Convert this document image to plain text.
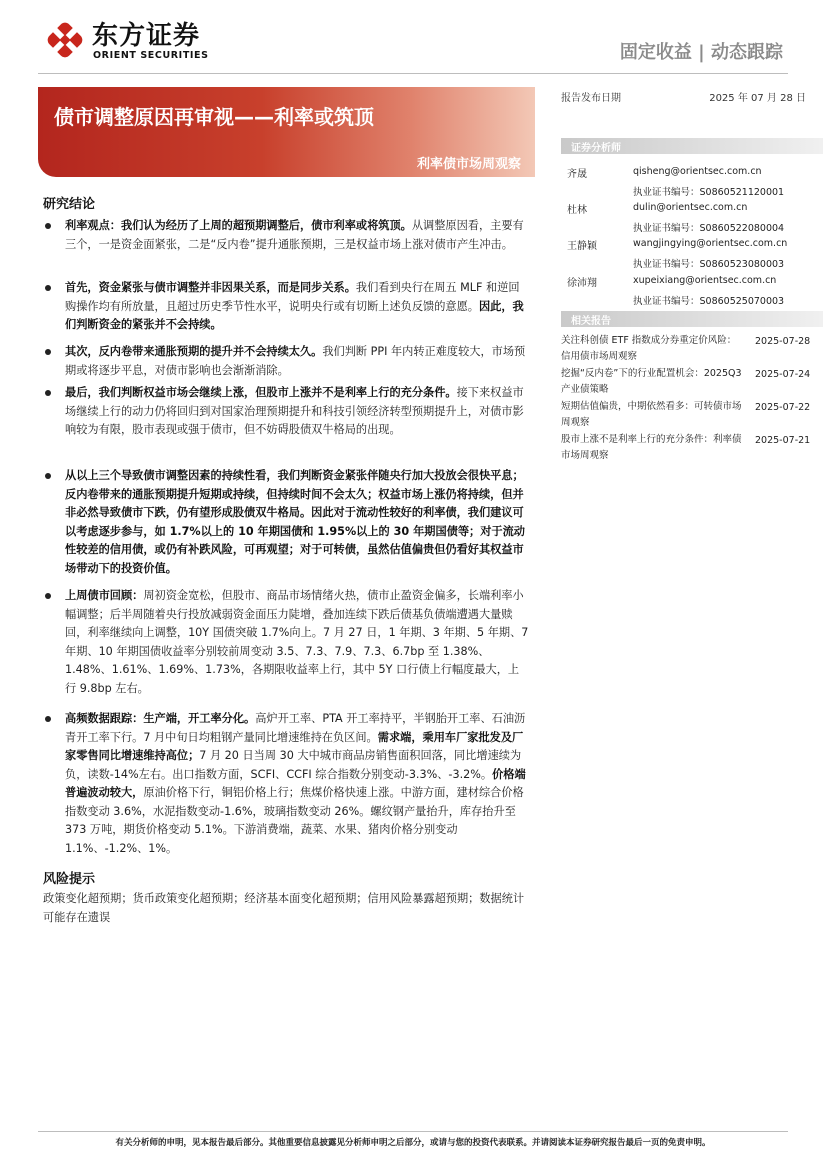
东方证券
ORIENT SECURITIES	固定收益 | 动态跟踪
债市调整原因再审视——利率或筑顶
利率债市场周观察
报告发布日期	2025 年 07 月 28 日
证券分析师
齐晟	qisheng@orientsec.com.cn
执业证书编号：S0860521120001
杜林	dulin@orientsec.com.cn
执业证书编号：S0860522080004
王静颖	wangjingying@orientsec.com.cn
执业证书编号：S0860523080003
徐沛翔	xupeixiang@orientsec.com.cn
执业证书编号：S0860525070003
相关报告
关注科创债 ETF 指数成分券重定价风险：信用债市场周观察
2025-07-28
挖掘“反内卷”下的行业配置机会：2025Q3 产业债策略
2025-07-24
短期估值偏贵，中期依然看多：可转债市场周观察
2025-07-22
股市上涨不是利率上行的充分条件：利率债市场周观察
2025-07-21
研究结论
利率观点：我们认为经历了上周的超预期调整后，债市利率或将筑顶。从调整原因看，主要有三个，一是资金面紧张，二是“反内卷”提升通胀预期，三是权益市场上涨对债市产生冲击。
首先，资金紧张与债市调整并非因果关系，而是同步关系。我们看到央行在周五 MLF 和逆回购操作均有所放量，且超过历史季节性水平，说明央行或有切断上述负反馈的意愿。因此，我们判断资金的紧张并不会持续。
其次，反内卷带来通胀预期的提升并不会持续太久。我们判断 PPI 年内转正难度较大，市场预期或将逐步平息，对债市影响也会渐渐消除。
最后，我们判断权益市场会继续上涨，但股市上涨并不是利率上行的充分条件。接下来权益市场继续上行的动力仍将回归到对国家治理预期提升和科技引领经济转型预期提升上，对债市影响较为有限，股市表现或强于债市，但不妨碍股债双牛格局的出现。
从以上三个导致债市调整因素的持续性看，我们判断资金紧张伴随央行加大投放会很快平息；反内卷带来的通胀预期提升短期或持续，但持续时间不会太久；权益市场上涨仍将持续，但并非必然导致债市下跌，仍有望形成股债双牛格局。因此对于流动性较好的利率债，我们建议可以考虑逐步参与，如 1.7%以上的 10 年期国债和 1.95%以上的 30 年期国债等；对于流动性较差的信用债，或仍有补跌风险，可再观望；对于可转债，虽然估值偏贵但仍看好其权益市场带动下的投资价值。
上周债市回顾：周初资金宽松，但股市、商品市场情绪火热，债市止盈资金偏多，长端利率小幅调整；后半周随着央行投放减弱资金面压力陡增，叠加连续下跌后债基负债端遭遇大量赎回，利率继续向上调整，10Y 国债突破 1.7%向上。7 月 27 日，1 年期、3 年期、5 年期、7 年期、10 年期国债收益率分别较前周变动 3.5、7.3、7.9、7.3、6.7bp 至 1.38%、1.48%、1.61%、1.69%、1.73%，各期限收益率上行，其中 5Y 口行债上行幅度最大，上行 9.8bp 左右。
高频数据跟踪：生产端，开工率分化。高炉开工率、PTA 开工率持平，半钢胎开工率、石油沥青开工率下行。7 月中旬日均粗钢产量同比增速维持在负区间。需求端，乘用车厂家批发及厂家零售同比增速维持高位；7 月 20 日当周 30 大中城市商品房销售面积回落，同比增速续为负，读数-14%左右。出口指数方面，SCFI、CCFI 综合指数分别变动-3.3%、-3.2%。价格端普遍波动较大，原油价格下行，铜铝价格上行；焦煤价格快速上涨。中游方面，建材综合价格指数变动 3.6%，水泥指数变动-1.6%，玻璃指数变动 26%。螺纹钢产量抬升，库存抬升至 373 万吨，期货价格变动 5.1%。下游消费端，蔬菜、水果、猪肉价格分别变动 1.1%、-1.2%、1%。
风险提示
政策变化超预期；货币政策变化超预期；经济基本面变化超预期；信用风险暴露超预期；数据统计可能存在遗误
有关分析师的申明，见本报告最后部分。其他重要信息披露见分析师申明之后部分，或请与您的投资代表联系。并请阅读本证券研究报告最后一页的免责申明。
